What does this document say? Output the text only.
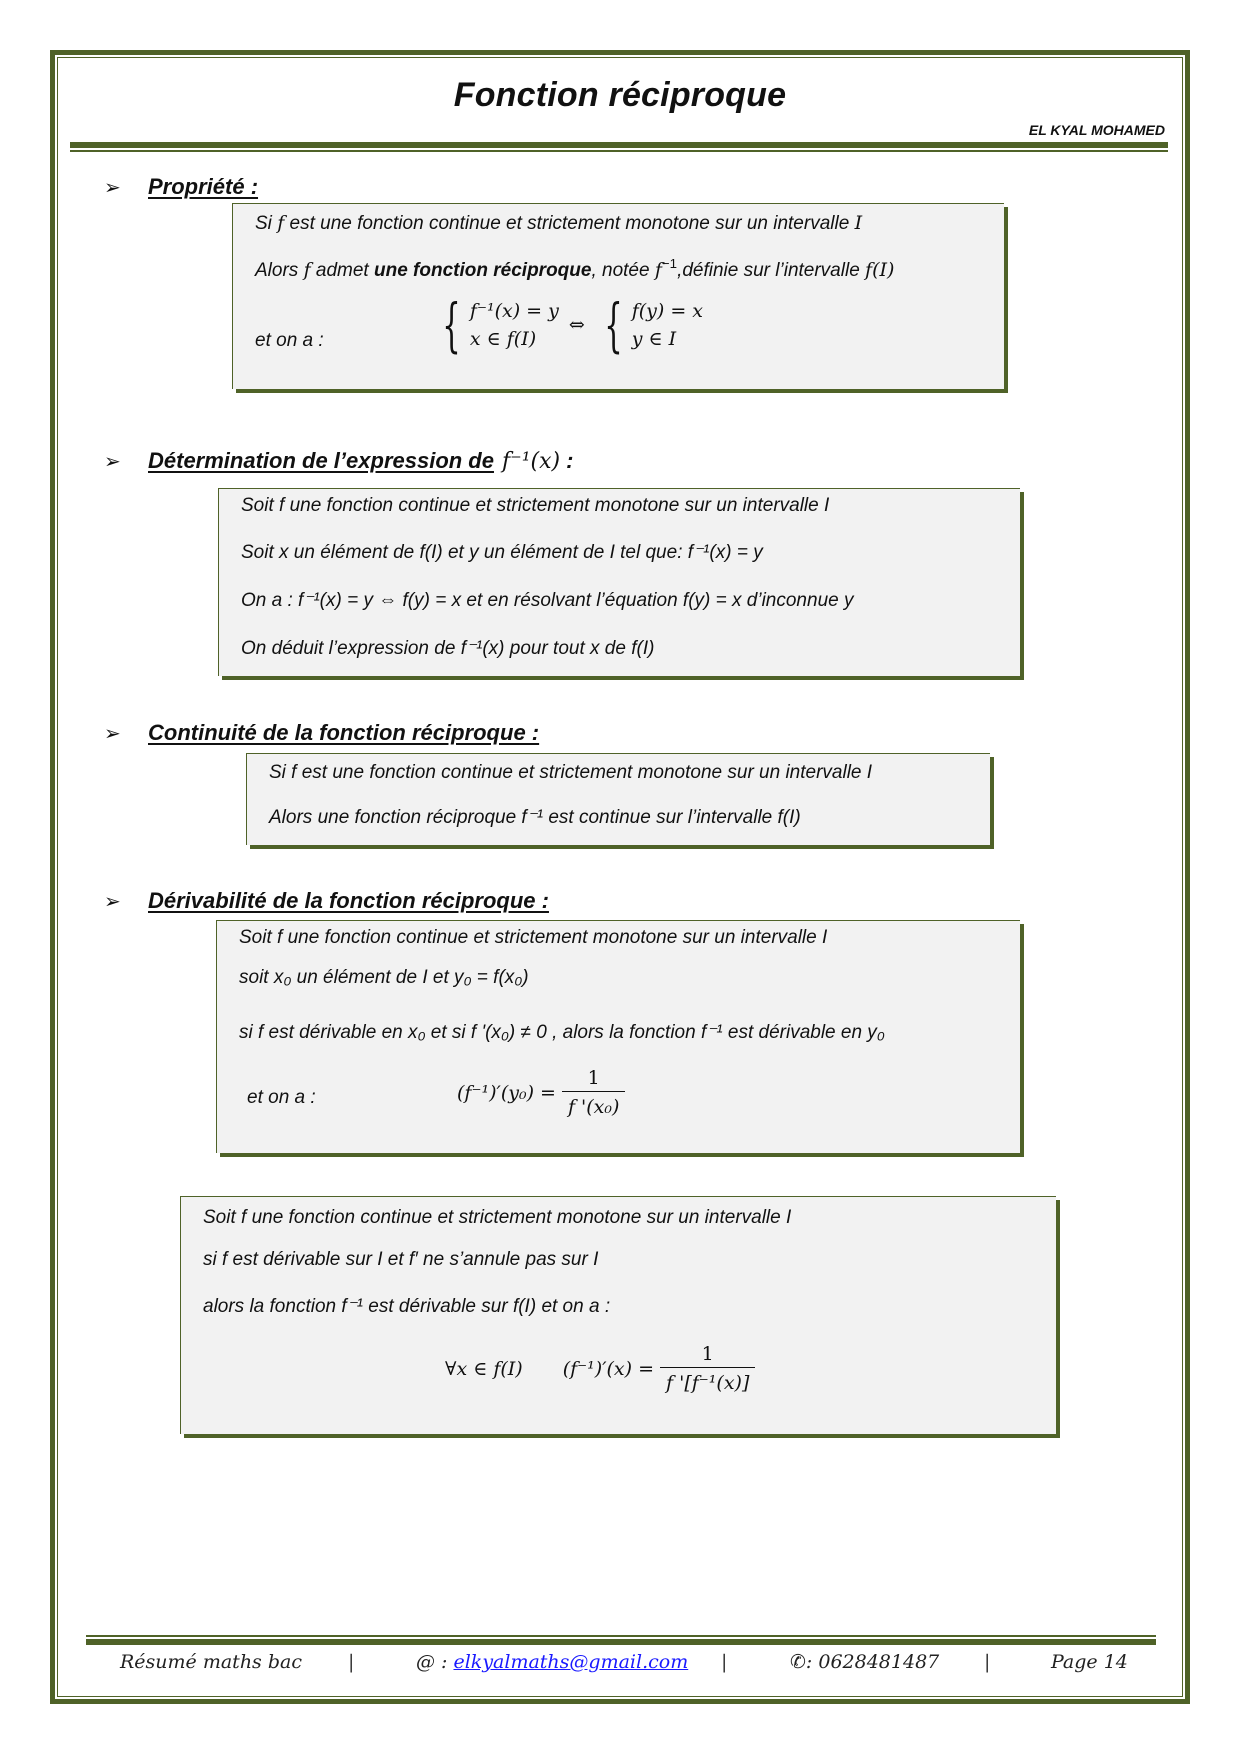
Fonction réciproque
EL KYAL MOHAMED
➢	Propriété :
Si f est une fonction continue et strictement monotone sur un intervalle I
Alors f admet une fonction réciproque, notée $f^{-1},définie$ sur l’intervalle f(I)
et on a : { f⁻¹(x) = y
x ∈ f(I)
⇔ { f(y) = x
y ∈ I
➢	Détermination de l’expression de f⁻¹(x) :
Soit f une fonction continue et strictement monotone sur un intervalle I
Soit x un élément de f(I) et y un élément de I tel que: f⁻¹(x) = y
On a : f⁻¹(x) = y ⇔ f(y) = x et en résolvant l’équation f(y) = x d’inconnue y
On déduit l’expression de f⁻¹(x) pour tout x de f(I)
➢	Continuité de la fonction réciproque :
Si f est une fonction continue et strictement monotone sur un intervalle I
Alors une fonction réciproque f⁻¹ est continue sur l’intervalle f(I)
➢	Dérivabilité de la fonction réciproque :
Soit f une fonction continue et strictement monotone sur un intervalle I
soit x₀ un élément de I et y₀ = f(x₀)
si f est dérivable en x₀ et si f '(x₀) ≠ 0 , alors la fonction f⁻¹ est dérivable en y₀
et on a :	$(f^{-1})'(y_0) = \frac{1}{\text{f '(x₀)}}$
Soit f une fonction continue et strictement monotone sur un intervalle I
si f est dérivable sur I et f′ ne s’annule pas sur I
alors la fonction f⁻¹ est dérivable sur f(I) et on a :
∀x ∈ f(I) $(f^{-1})'(x) = \frac{1}{\text{f '[f⁻¹(x)]}}$
Résumé maths bac |	@ : elkyalmaths@gmail.com |	✆: 0628481487 |	Page 14
